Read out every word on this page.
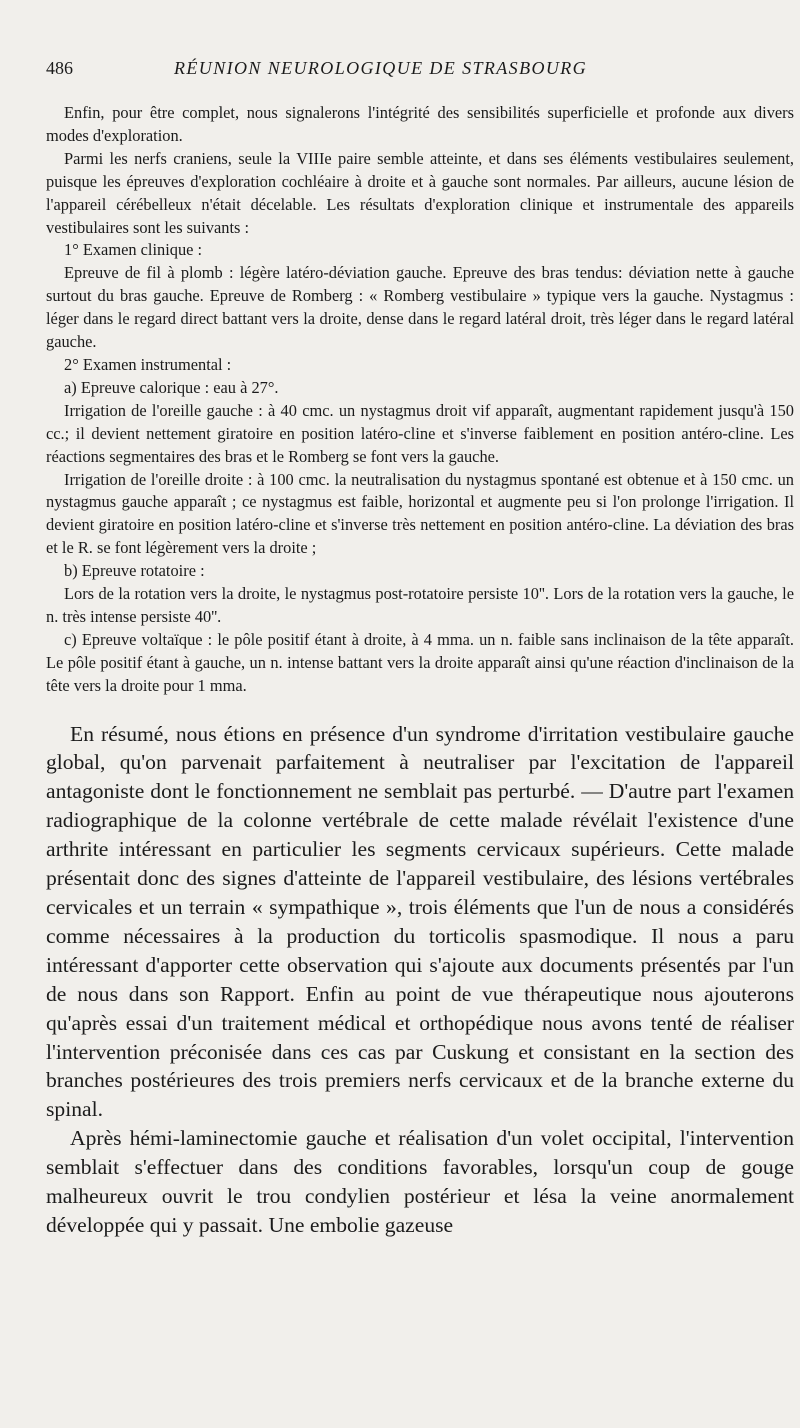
486	RÉUNION NEUROLOGIQUE DE STRASBOURG

Enfin, pour être complet, nous signalerons l'intégrité des sensibilités superficielle et profonde aux divers modes d'exploration.

Parmi les nerfs craniens, seule la VIIIe paire semble atteinte, et dans ses éléments vestibulaires seulement, puisque les épreuves d'exploration cochléaire à droite et à gauche sont normales. Par ailleurs, aucune lésion de l'appareil cérébelleux n'était décelable. Les résultats d'exploration clinique et instrumentale des appareils vestibulaires sont les suivants :

1° Examen clinique :

Epreuve de fil à plomb : légère latéro-déviation gauche. Epreuve des bras tendus: déviation nette à gauche surtout du bras gauche. Epreuve de Romberg : « Romberg vestibulaire » typique vers la gauche. Nystagmus : léger dans le regard direct battant vers la droite, dense dans le regard latéral droit, très léger dans le regard latéral gauche.

2° Examen instrumental :

a) Epreuve calorique : eau à 27°.

Irrigation de l'oreille gauche : à 40 cmc. un nystagmus droit vif apparaît, augmentant rapidement jusqu'à 150 cc.; il devient nettement giratoire en position latéro-cline et s'inverse faiblement en position antéro-cline. Les réactions segmentaires des bras et le Romberg se font vers la gauche.

Irrigation de l'oreille droite : à 100 cmc. la neutralisation du nystagmus spontané est obtenue et à 150 cmc. un nystagmus gauche apparaît ; ce nystagmus est faible, horizontal et augmente peu si l'on prolonge l'irrigation. Il devient giratoire en position latéro-cline et s'inverse très nettement en position antéro-cline. La déviation des bras et le R. se font légèrement vers la droite ;

b) Epreuve rotatoire :

Lors de la rotation vers la droite, le nystagmus post-rotatoire persiste 10''. Lors de la rotation vers la gauche, le n. très intense persiste 40''.

c) Epreuve voltaïque : le pôle positif étant à droite, à 4 mma. un n. faible sans inclinaison de la tête apparaît. Le pôle positif étant à gauche, un n. intense battant vers la droite apparaît ainsi qu'une réaction d'inclinaison de la tête vers la droite pour 1 mma.

En résumé, nous étions en présence d'un syndrome d'irritation vestibulaire gauche global, qu'on parvenait parfaitement à neutraliser par l'excitation de l'appareil antagoniste dont le fonctionnement ne semblait pas perturbé. — D'autre part l'examen radiographique de la colonne vertébrale de cette malade révélait l'existence d'une arthrite intéressant en particulier les segments cervicaux supérieurs. Cette malade présentait donc des signes d'atteinte de l'appareil vestibulaire, des lésions vertébrales cervicales et un terrain « sympathique », trois éléments que l'un de nous a considérés comme nécessaires à la production du torticolis spasmodique. Il nous a paru intéressant d'apporter cette observation qui s'ajoute aux documents présentés par l'un de nous dans son Rapport. Enfin au point de vue thérapeutique nous ajouterons qu'après essai d'un traitement médical et orthopédique nous avons tenté de réaliser l'intervention préconisée dans ces cas par Cuskung et consistant en la section des branches postérieures des trois premiers nerfs cervicaux et de la branche externe du spinal.

Après hémi-laminectomie gauche et réalisation d'un volet occipital, l'intervention semblait s'effectuer dans des conditions favorables, lorsqu'un coup de gouge malheureux ouvrit le trou condylien postérieur et lésa la veine anormalement développée qui y passait. Une embolie gazeuse
